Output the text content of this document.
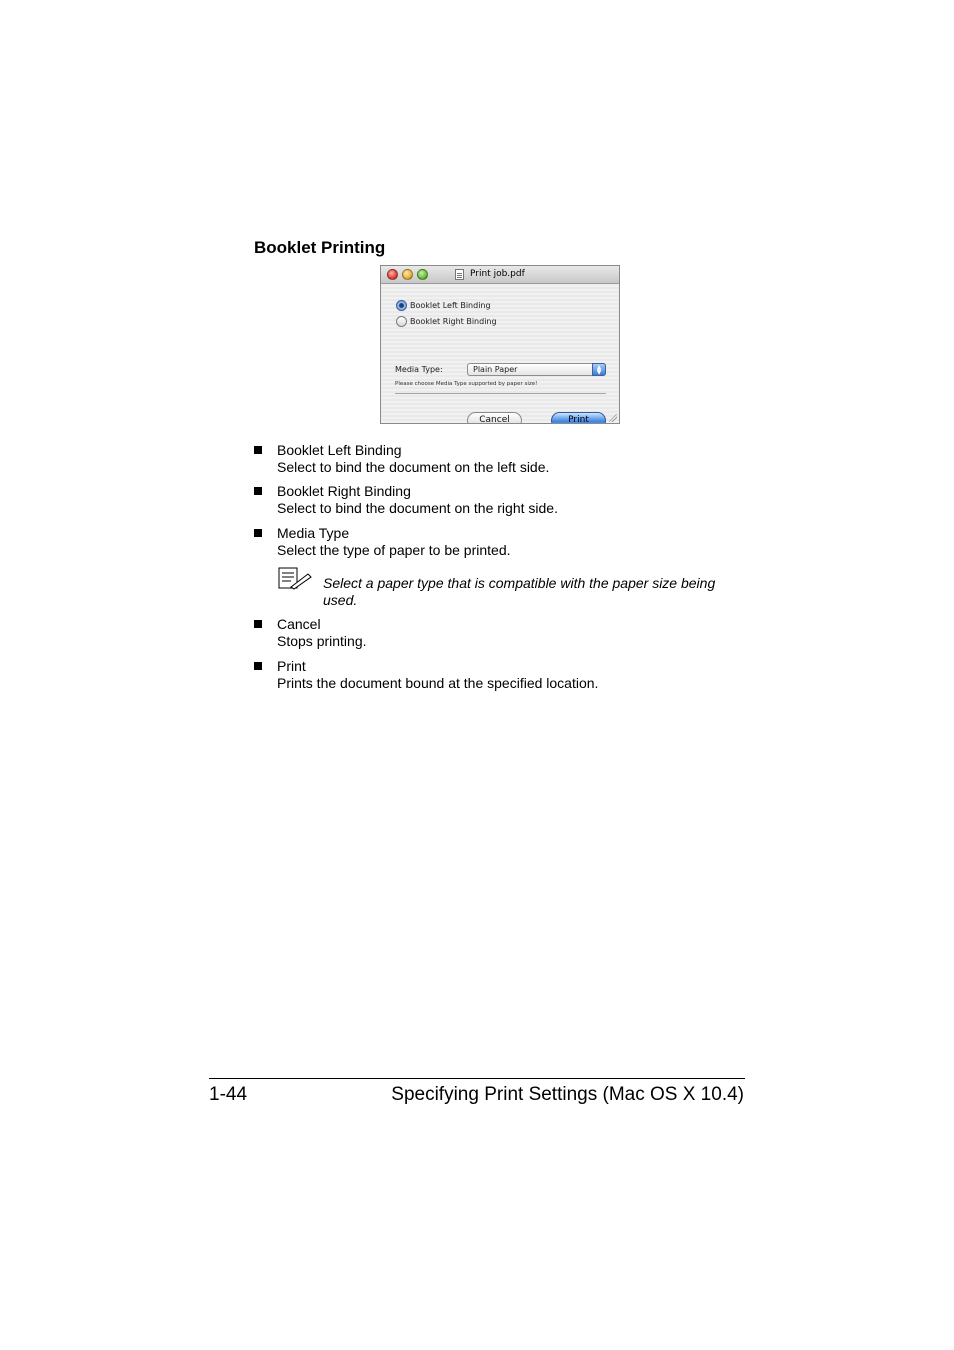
Booklet Printing
Print job.pdf
Booklet Left Binding
Booklet Right Binding
Media Type:	Plain Paper	▲
▼
Please choose Media Type supported by paper size!
Cancel	Print
Booklet Left Binding
Select to bind the document on the left side.
Booklet Right Binding
Select to bind the document on the right side.
Media Type
Select the type of paper to be printed.
Select a paper type that is compatible with the paper size being used.
Cancel
Stops printing.
Print
Prints the document bound at the specified location.
1-44	Specifying Print Settings (Mac OS X 10.4)
